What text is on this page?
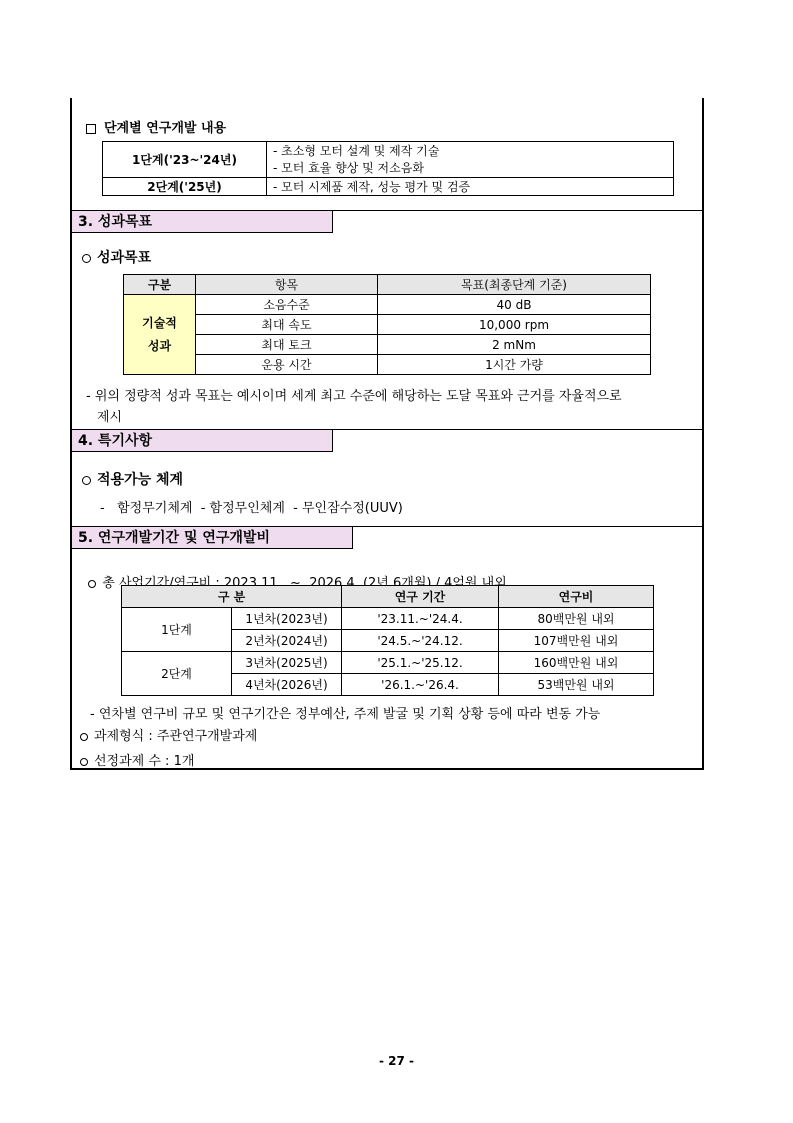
단계별 연구개발 내용
1단계('23~'24년)	- 초소형 모터 설계 및 제작 기술
	- 모터 효율 향상 및 저소음화
2단계('25년)	- 모터 시제품 제작, 성능 평가 및 검증
3. 성과목표
성과목표
구분	항목	목표(최종단계 기준)
기술적
성과	소음수준	40 dB
	최대 속도	10,000 rpm
	최대 토크	2 mNm
	운용 시간	1시간 가량
- 위의 정량적 성과 목표는 예시이며 세계 최고 수준에 해당하는 도달 목표와 근거를 자율적으로
제시
4. 특기사항
적용가능 체계
-   함정무기체계  - 함정무인체계  - 무인잠수정(UUV)
5. 연구개발기간 및 연구개발비

총 사업기간/연구비 : 2023.11.  ~  2026.4. (2년 6개월) / 4억원 내외

구 분		연구 기간	연구비
1단계	1년차(2023년)	'23.11.~'24.4.	80백만원 내외
	2년차(2024년)	'24.5.~'24.12.	107백만원 내외
2단계	3년차(2025년)	'25.1.~'25.12.	160백만원 내외
	4년차(2026년)	'26.1.~'26.4.	53백만원 내외
- 연차별 연구비 규모 및 연구기간은 정부예산, 주제 발굴 및 기획 상황 등에 따라 변동 가능
과제형식 : 주관연구개발과제
선정과제 수 : 1개
- 27 -
